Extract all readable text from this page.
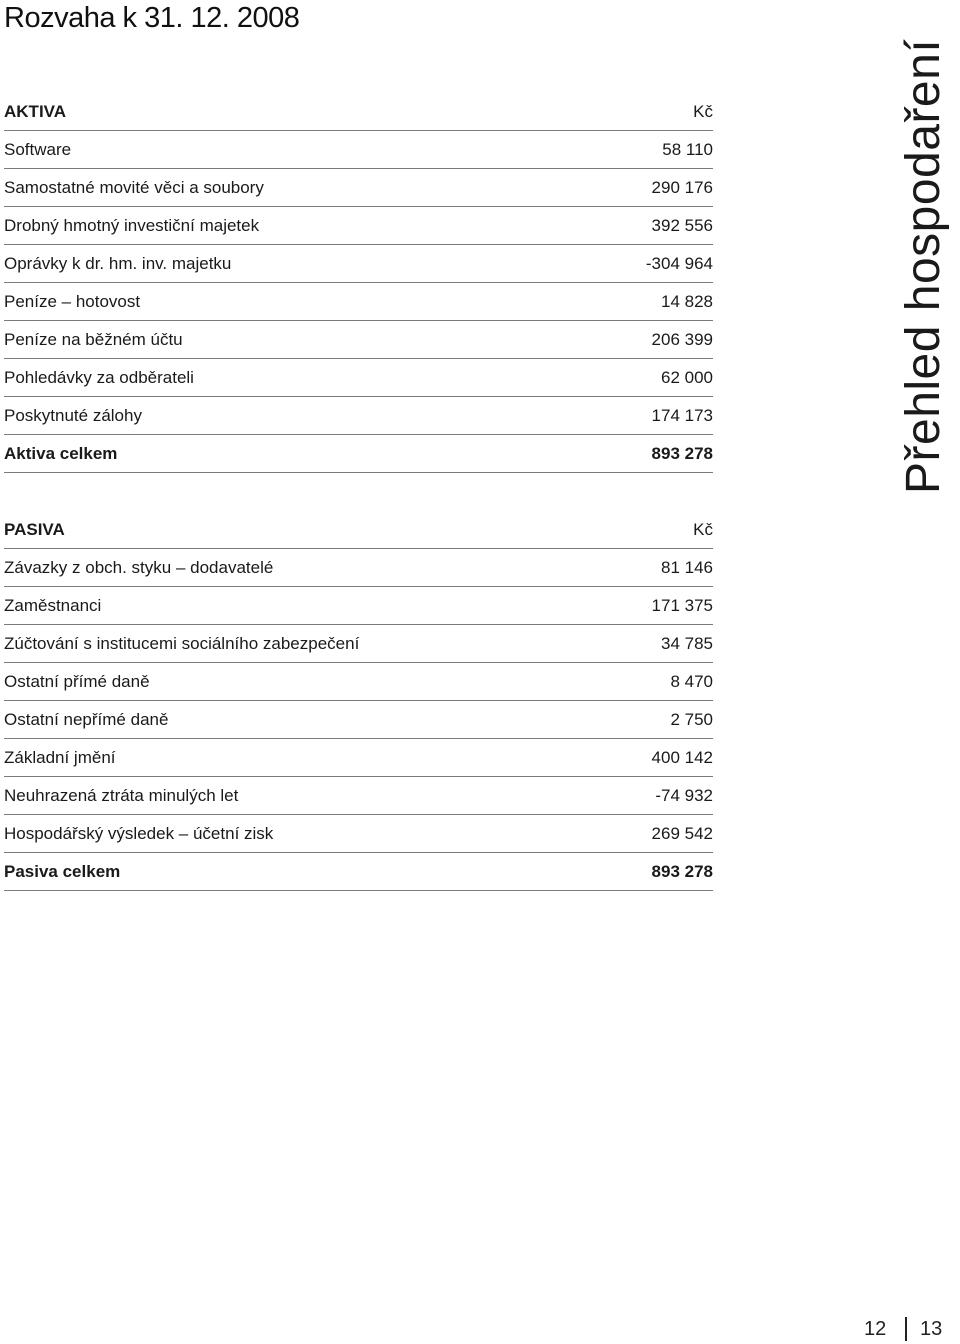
Rozvaha k 31. 12. 2008
Přehled hospodaření
AKTIVA	Kč
Software	58 110
Samostatné movité věci a soubory	290 176
Drobný hmotný investiční majetek	392 556
Oprávky k dr. hm. inv. majetku	-304 964
Peníze – hotovost	14 828
Peníze na běžném účtu	206 399
Pohledávky za odběrateli	62 000
Poskytnuté zálohy	174 173
Aktiva celkem	893 278
PASIVA	Kč
Závazky z obch. styku – dodavatelé	81 146
Zaměstnanci	171 375
Zúčtování s institucemi sociálního zabezpečení	34 785
Ostatní přímé daně	8 470
Ostatní nepřímé daně	2 750
Základní jmění	400 142
Neuhrazená ztráta minulých let	-74 932
Hospodářský výsledek – účetní zisk	269 542
Pasiva celkem	893 278
12 13
